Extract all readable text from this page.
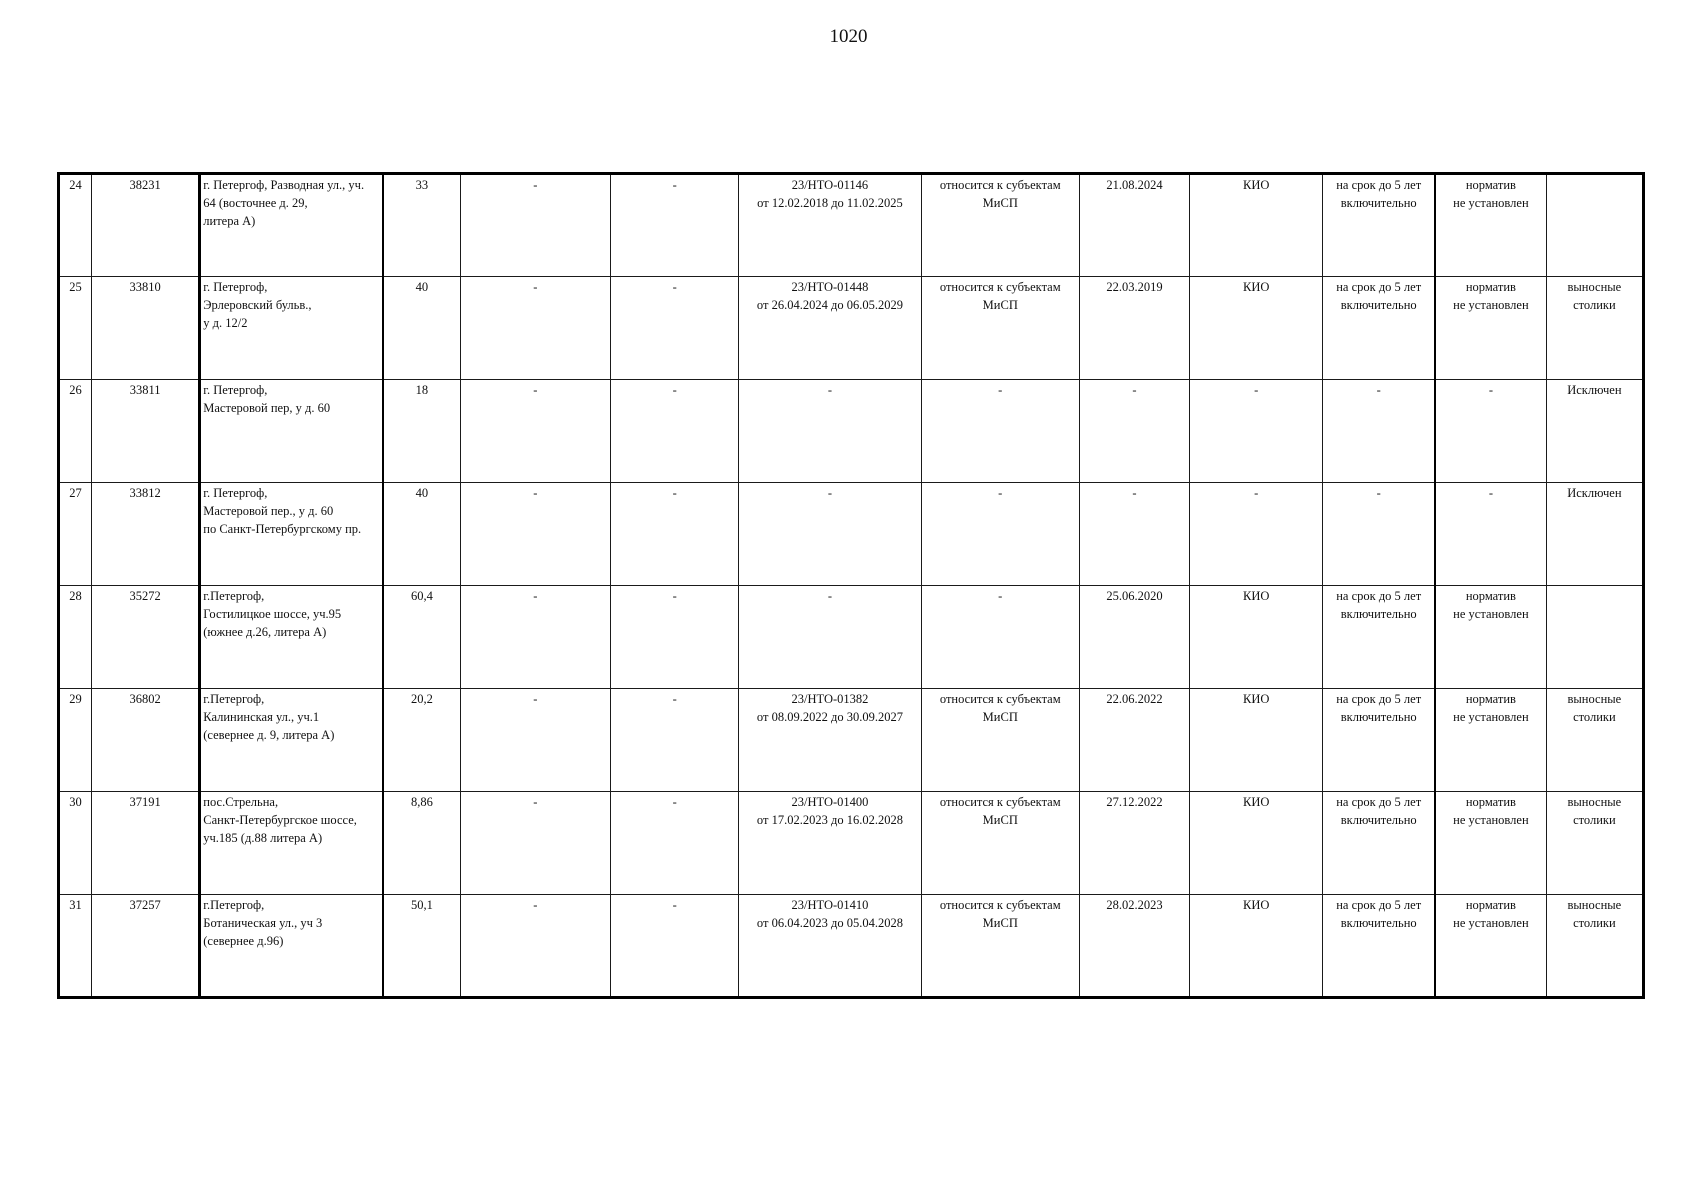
1020
24	38231	г. Петергоф, Разводная ул., уч.
64 (восточнее д. 29,
литера А)	33	-	-	23/НТО-01146
от 12.02.2018 до 11.02.2025	относится к субъектам
МиСП	21.08.2024	КИО	на срок до 5 лет
включительно	норматив
не установлен	

25	33810	г. Петергоф,
Эрлеровский бульв.,
у д. 12/2	40	-	-	23/НТО-01448
от 26.04.2024 до 06.05.2029	относится к субъектам
МиСП	22.03.2019	КИО	на срок до 5 лет
включительно	норматив
не установлен	выносные
столики

26	33811	г. Петергоф,
Мастеровой пер, у д. 60	18	-	-	-	-	-	-	-	-	Исключен

27	33812	г. Петергоф,
Мастеровой пер., у д. 60
по Санкт-Петербургскому пр.	40	-	-	-	-	-	-	-	-	Исключен

28	35272	г.Петергоф,
Гостилицкое шоссе, уч.95
(южнее д.26, литера А)	60,4	-	-	-	-	25.06.2020	КИО	на срок до 5 лет
включительно	норматив
не установлен	

29	36802	г.Петергоф,
Калининская ул., уч.1
(севернее д. 9, литера А)	20,2	-	-	23/НТО-01382
от 08.09.2022 до 30.09.2027	относится к субъектам
МиСП	22.06.2022	КИО	на срок до 5 лет
включительно	норматив
не установлен	выносные
столики

30	37191	пос.Стрельна,
Санкт-Петербургское шоссе,
уч.185 (д.88 литера А)	8,86	-	-	23/НТО-01400
от 17.02.2023 до 16.02.2028	относится к субъектам
МиСП	27.12.2022	КИО	на срок до 5 лет
включительно	норматив
не установлен	выносные
столики

31	37257	г.Петергоф,
Ботаническая ул., уч 3
(севернее д.96)	50,1	-	-	23/НТО-01410
от 06.04.2023 до 05.04.2028	относится к субъектам
МиСП	28.02.2023	КИО	на срок до 5 лет
включительно	норматив
не установлен	выносные
столики
